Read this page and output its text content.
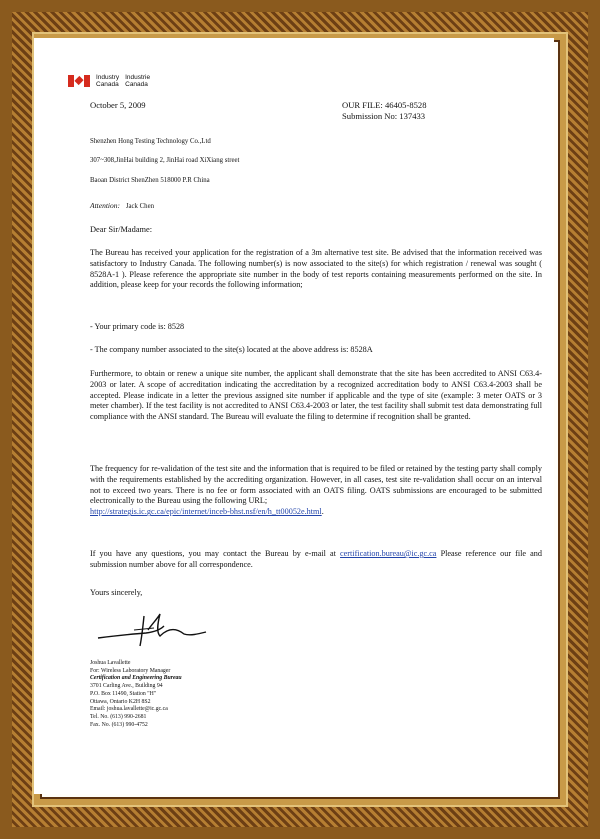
Industry
Canada
Industrie
Canada
October 5, 2009	OUR FILE: 46405-8528
Submission No: 137433
Shenzhen Hong Testing Technology Co.,Ltd
307~308,JinHai building 2, JinHai road XiXiang street
Baoan District ShenZhen 518000 P.R China
Attention: Jack Chen
Dear Sir/Madame:
The Bureau has received your application for the registration of a 3m alternative test site. Be advised that the information received was satisfactory to Industry Canada. The following number(s) is now associated to the site(s) for which registration / renewal was sought ( 8528A-1 ). Please reference the appropriate site number in the body of test reports containing measurements performed on the site. In addition, please keep for your records the following information;
- Your primary code is: 8528
- The company number associated to the site(s) located at the above address is: 8528A
Furthermore, to obtain or renew a unique site number, the applicant shall demonstrate that the site has been accredited to ANSI C63.4-2003 or later. A scope of accreditation indicating the accreditation by a recognized accreditation body to ANSI C63.4-2003 shall be accepted. Please indicate in a letter the previous assigned site number if applicable and the type of site (example: 3 meter OATS or 3 meter chamber). If the test facility is not accredited to ANSI C63.4-2003 or later, the test facility shall submit test data demonstrating full compliance with the ANSI standard. The Bureau will evaluate the filing to determine if recognition shall be granted.
The frequency for re-validation of the test site and the information that is required to be filed or retained by the testing party shall comply with the requirements established by the accrediting organization. However, in all cases, test site re-validation shall occur on an interval not to exceed two years. There is no fee or form associated with an OATS filing. OATS submissions are encouraged to be submitted electronically to the Bureau using the following URL;
http://strategis.ic.gc.ca/epic/internet/inceb-bhst.nsf/en/h_tt00052e.html.
If you have any questions, you may contact the Bureau by e-mail at certification.bureau@ic.gc.ca Please reference our file and submission number above for all correspondence.
Yours sincerely,
Joshua Lavallette
For: Wireless Laboratory Manager
Certification and Engineering Bureau
3701 Carling Ave., Building 94
P.O. Box 11490, Station "H"
Ottawa, Ontario K2H 8S2
Email: joshua.lavallette@ic.gc.ca
Tel. No. (613) 990-2681
Fax. No. (613) 990-4752
